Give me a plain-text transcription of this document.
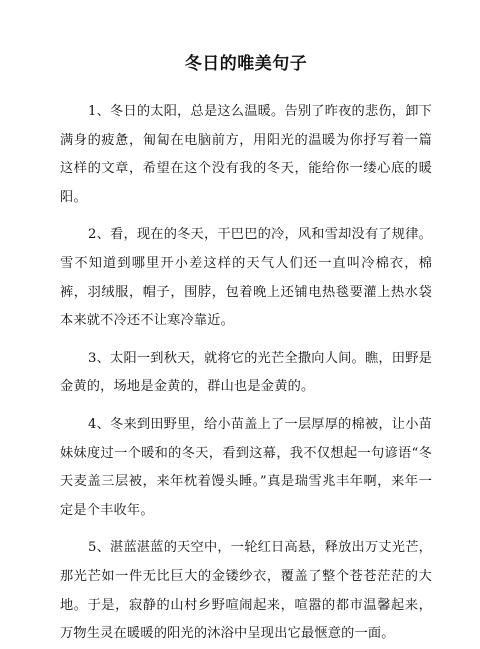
冬日的唯美句子

1、冬日的太阳，总是这么温暖。告别了昨夜的悲伤，卸下满身的疲惫，匍匐在电脑前方，用阳光的温暖为你抒写着一篇这样的文章，希望在这个没有我的冬天，能给你一缕心底的暖阳。

2、看，现在的冬天，干巴巴的冷，风和雪却没有了规律。雪不知道到哪里开小差这样的天气人们还一直叫冷棉衣，棉裤，羽绒服，帽子，围脖，包着晚上还铺电热毯要灌上热水袋本来就不冷还不让寒冷靠近。

3、太阳一到秋天，就将它的光芒全撒向人间。瞧，田野是金黄的，场地是金黄的，群山也是金黄的。

4、冬来到田野里，给小苗盖上了一层厚厚的棉被，让小苗妹妹度过一个暖和的冬天，看到这幕，我不仅想起一句谚语“冬天麦盖三层被，来年枕着馒头睡。”真是瑞雪兆丰年啊，来年一定是个丰收年。

5、湛蓝湛蓝的天空中，一轮红日高悬，释放出万丈光芒，那光芒如一件无比巨大的金镂纱衣，覆盖了整个苍苍茫茫的大地。于是，寂静的山村乡野喧闹起来，喧嚣的都市温馨起来，万物生灵在暖暖的阳光的沐浴中呈现出它最惬意的一面。
